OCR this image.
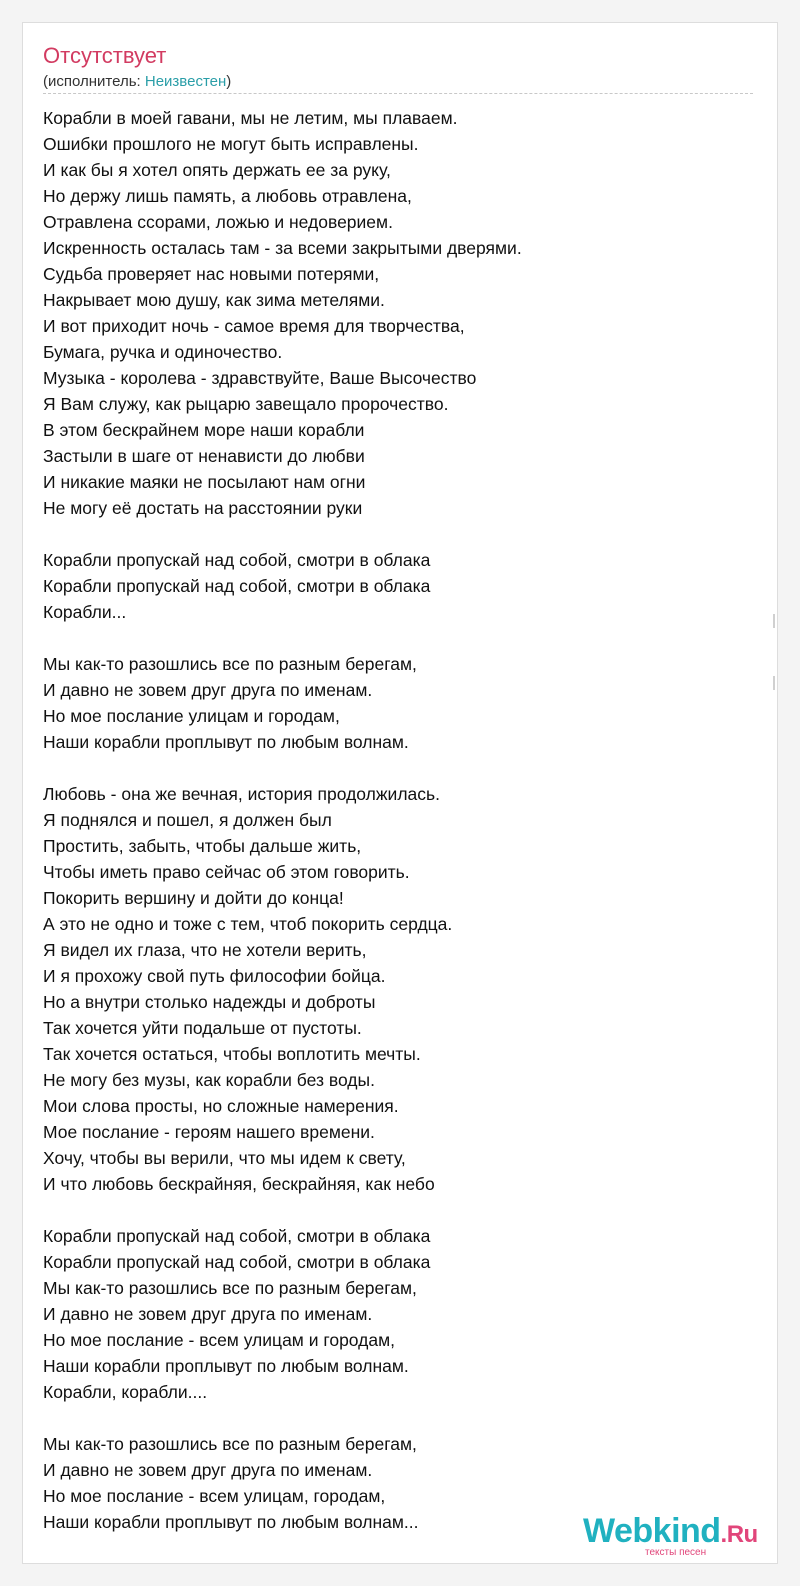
Отсутствует
(исполнитель: Неизвестен)
Корабли в моей гавани, мы не летим, мы плаваем.
Ошибки прошлого не могут быть исправлены.
И как бы я хотел опять держать ее за руку,
Но держу лишь память, а любовь отравлена,
Отравлена ссорами, ложью и недоверием.
Искренность осталась там - за всеми закрытыми дверями.
Судьба проверяет нас новыми потерями,
Накрывает мою душу, как зима метелями.
И вот приходит ночь - самое время для творчества,
Бумага, ручка и одиночество.
Музыка - королева - здравствуйте, Ваше Высочество
Я Вам служу, как рыцарю завещало пророчество.
В этом бескрайнем море наши корабли
Застыли в шаге от ненависти до любви
И никакие маяки не посылают нам огни
Не могу её достать на расстоянии руки
Корабли пропускай над собой, смотри в облака
Корабли пропускай над собой, смотри в облака
Корабли...
Мы как-то разошлись все по разным берегам,
И давно не зовем друг друга по именам.
Но мое послание улицам и городам,
Наши корабли проплывут по любым волнам.
Любовь - она же вечная, история продолжилась.
Я поднялся и пошел, я должен был
Простить, забыть, чтобы дальше жить,
Чтобы иметь право сейчас об этом говорить.
Покорить вершину и дойти до конца!
А это не одно и тоже с тем, чтоб покорить сердца.
Я видел их глаза, что не хотели верить,
И я прохожу свой путь философии бойца.
Но а внутри столько надежды и доброты
Так хочется уйти подальше от пустоты.
Так хочется остаться, чтобы воплотить мечты.
Не могу без музы, как корабли без воды.
Мои слова просты, но сложные намерения.
Мое послание - героям нашего времени.
Хочу, чтобы вы верили, что мы идем к свету,
И что любовь бескрайняя, бескрайняя, как небо
Корабли пропускай над собой, смотри в облака
Корабли пропускай над собой, смотри в облака
Мы как-то разошлись все по разным берегам,
И давно не зовем друг друга по именам.
Но мое послание - всем улицам и городам,
Наши корабли проплывут по любым волнам.
Корабли, корабли....
Мы как-то разошлись все по разным берегам,
И давно не зовем друг друга по именам.
Но мое послание - всем улицам, городам,
Наши корабли проплывут по любым волнам...	Webkind.Ru
тексты песен
